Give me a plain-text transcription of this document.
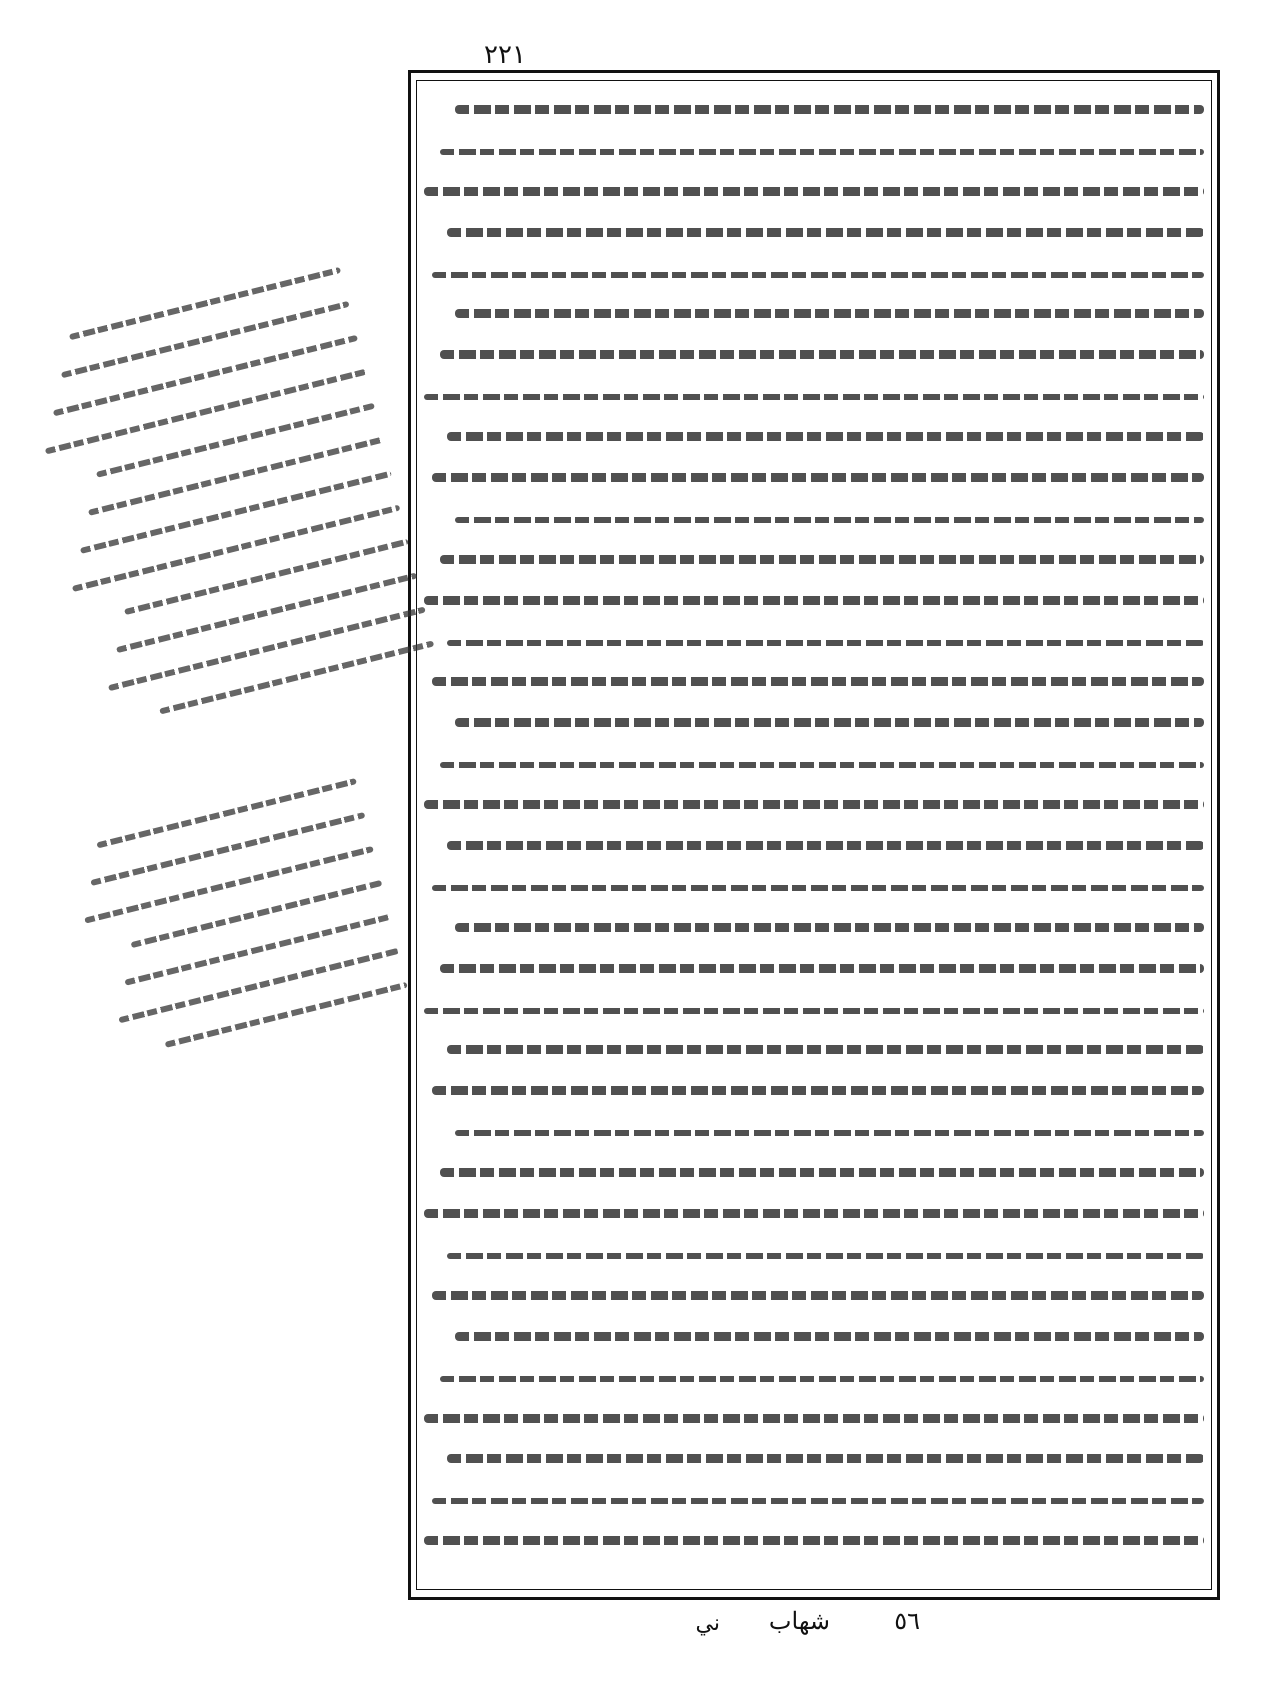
٢٢١
٥٦
شهاب
ني
